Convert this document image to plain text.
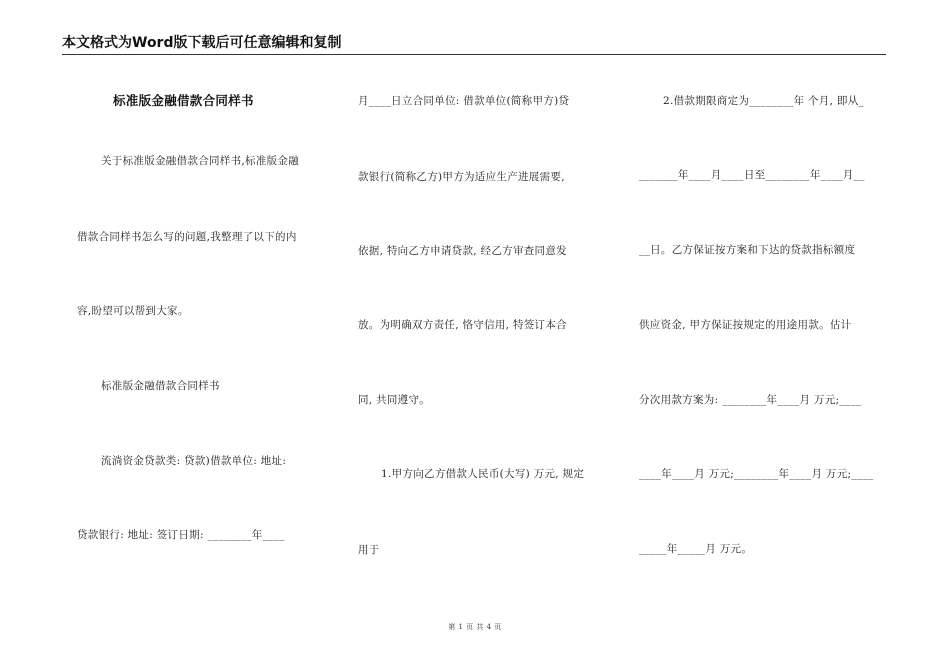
本文格式为Word版下载后可任意编辑和复制
标准版金融借款合同样书
关于标准版金融借款合同样书,标准版金融
借款合同样书怎么写的问题,我整理了以下的内
容,盼望可以帮到大家。
标准版金融借款合同样书
流淌资金贷款类: 贷款)借款单位: 地址:
贷款银行: 地址: 签订日期: ________年____
月____日立合同单位: 借款单位(简称甲方)贷
款银行(简称乙方)甲方为适应生产进展需要,
依据, 特向乙方申请贷款, 经乙方审查同意发
放。为明确双方责任, 恪守信用, 特签订本合
同, 共同遵守。
1.甲方向乙方借款人民币(大写) 万元, 规定
用于
2.借款期限商定为________年 个月, 即从_
_______年____月____日至________年____月__
__日。乙方保证按方案和下达的贷款指标额度
供应资金, 甲方保证按规定的用途用款。估计
分次用款方案为: ________年____月 万元;____
____年____月 万元;________年____月 万元;____
_____年_____月 万元。
第 1 页 共 4 页
